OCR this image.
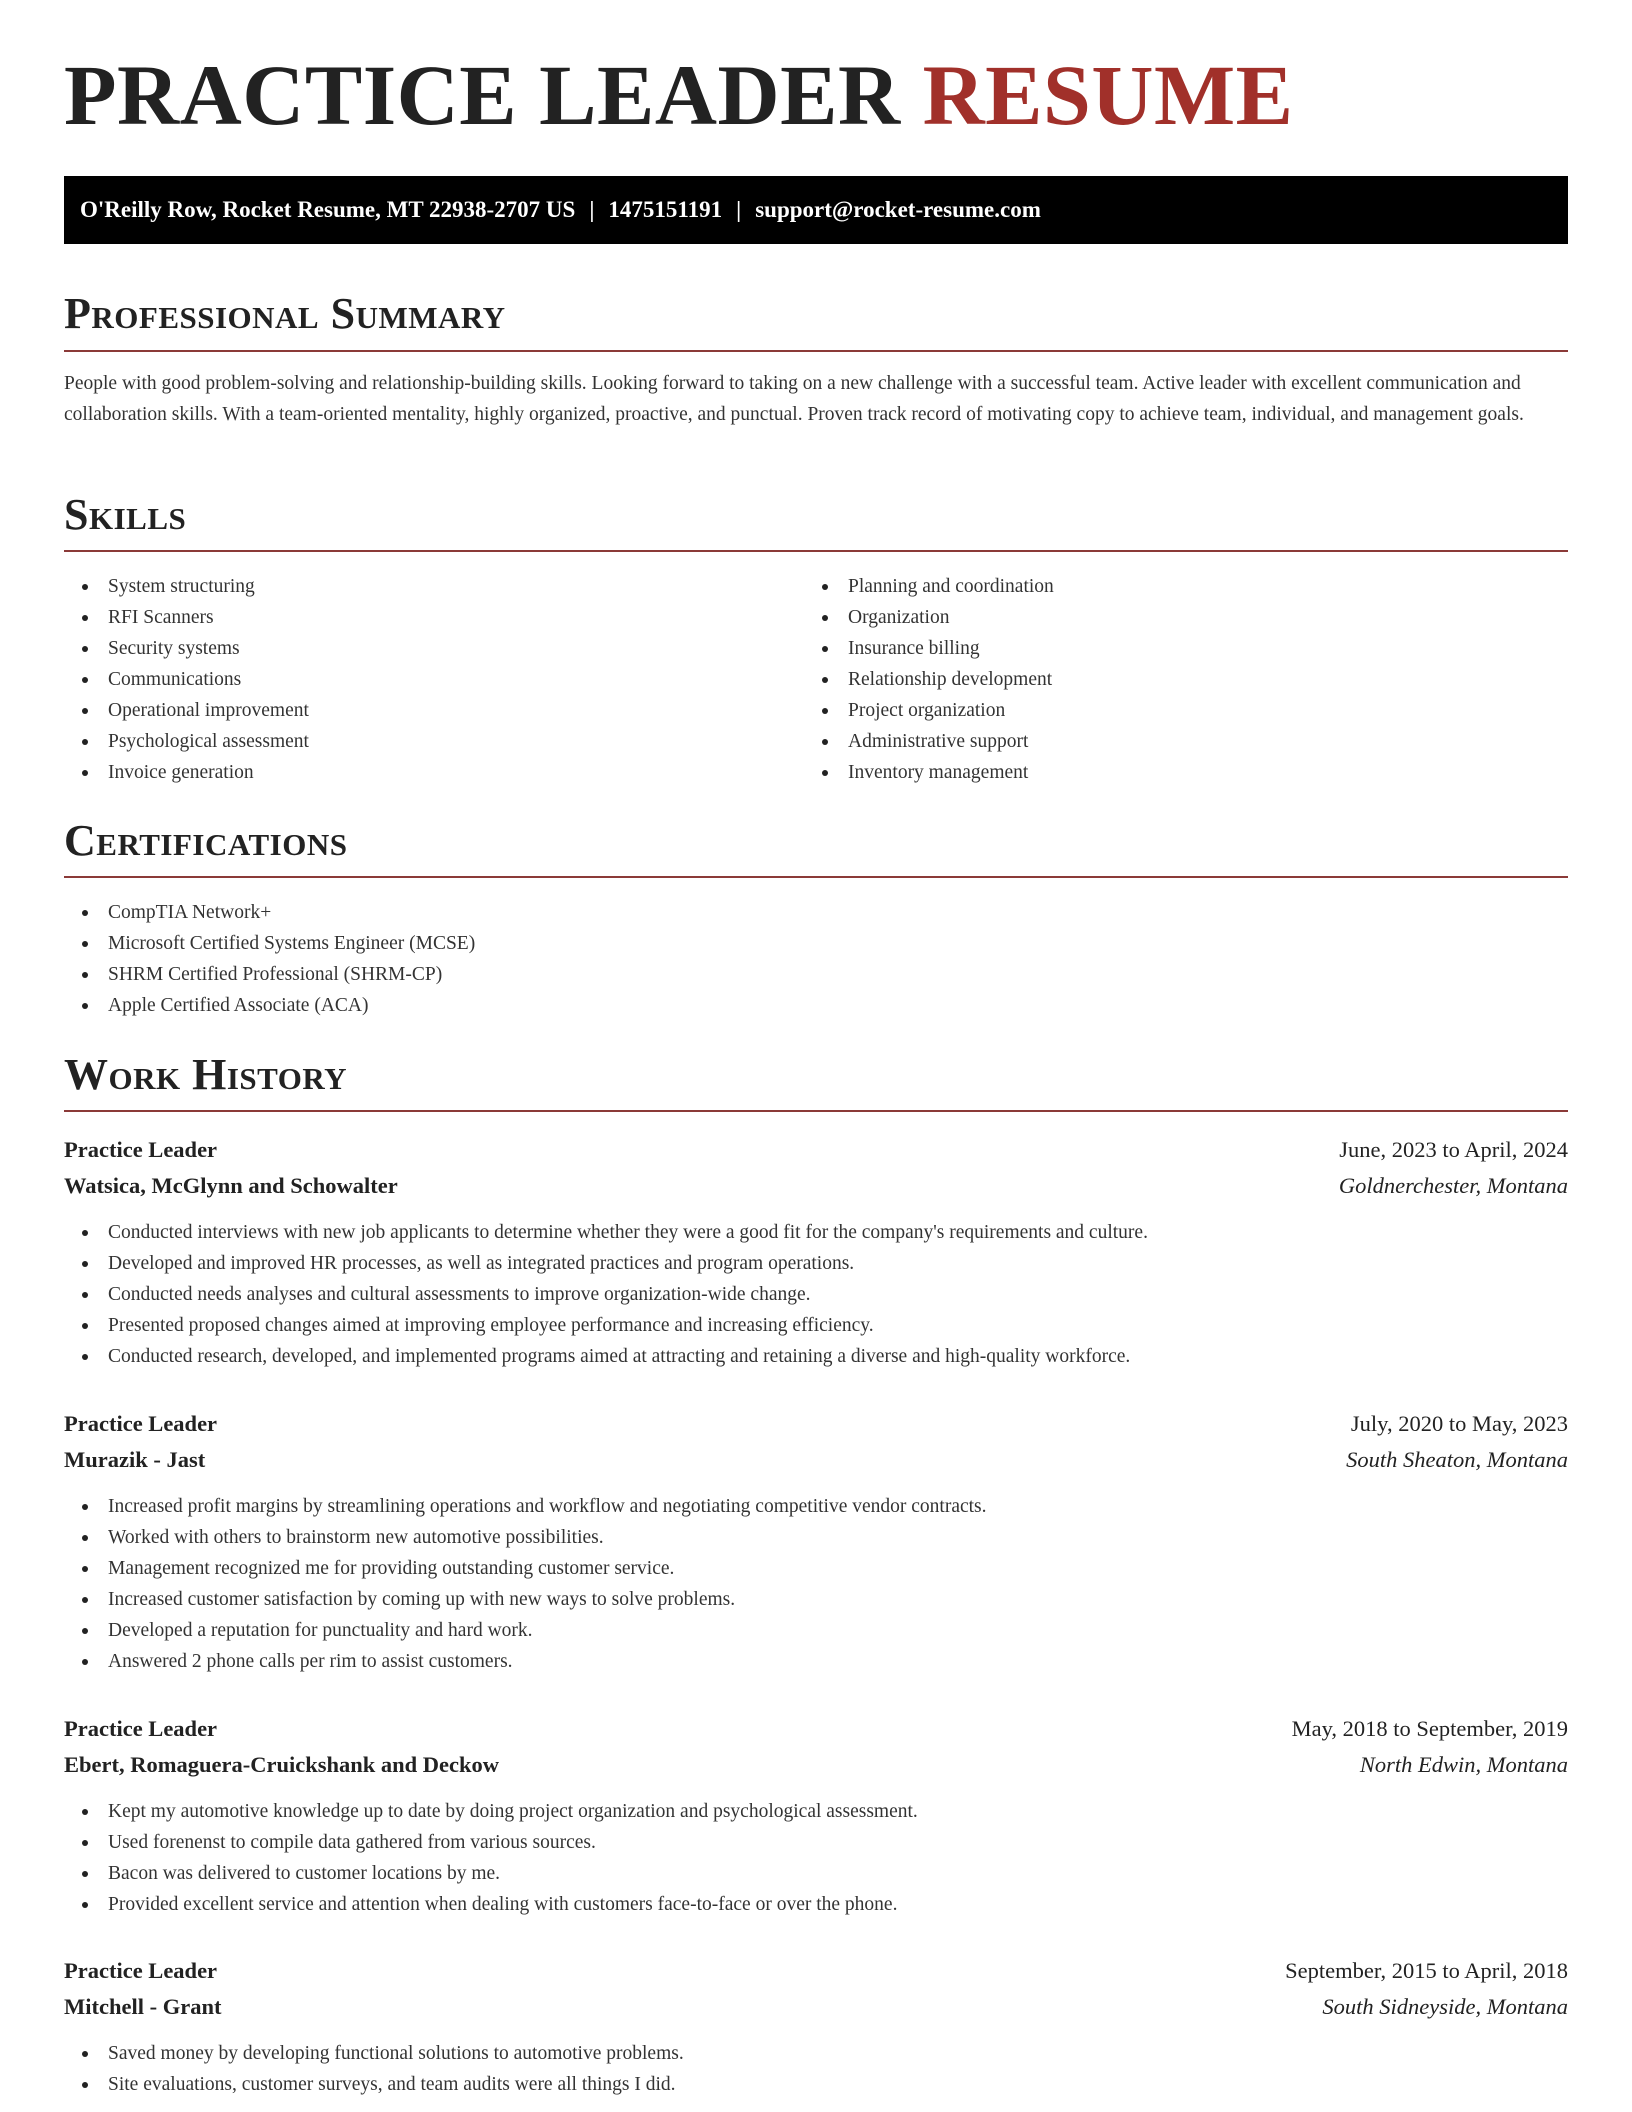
PRACTICE LEADER RESUME
O'Reilly Row, Rocket Resume, MT 22938-2707 US | 1475151191 | support@rocket-resume.com
Professional Summary

People with good problem-solving and relationship-building skills. Looking forward to taking on a new challenge with a successful team. Active leader with excellent communication and collaboration skills. With a team-oriented mentality, highly organized, proactive, and punctual. Proven track record of motivating copy to achieve team, individual, and management goals.

Skills
System structuring
RFI Scanners
Security systems
Communications
Operational improvement
Psychological assessment
Invoice generation
Planning and coordination
Organization
Insurance billing
Relationship development
Project organization
Administrative support
Inventory management
Certifications
CompTIA Network+
Microsoft Certified Systems Engineer (MCSE)
SHRM Certified Professional (SHRM-CP)
Apple Certified Associate (ACA)
Work History
Practice Leader	June, 2023 to April, 2024
Watsica, McGlynn and Schowalter	Goldnerchester, Montana
Conducted interviews with new job applicants to determine whether they were a good fit for the company's requirements and culture.
Developed and improved HR processes, as well as integrated practices and program operations.
Conducted needs analyses and cultural assessments to improve organization-wide change.
Presented proposed changes aimed at improving employee performance and increasing efficiency.
Conducted research, developed, and implemented programs aimed at attracting and retaining a diverse and high-quality workforce.
Practice Leader	July, 2020 to May, 2023
Murazik - Jast	South Sheaton, Montana
Increased profit margins by streamlining operations and workflow and negotiating competitive vendor contracts.
Worked with others to brainstorm new automotive possibilities.
Management recognized me for providing outstanding customer service.
Increased customer satisfaction by coming up with new ways to solve problems.
Developed a reputation for punctuality and hard work.
Answered 2 phone calls per rim to assist customers.
Practice Leader	May, 2018 to September, 2019
Ebert, Romaguera-Cruickshank and Deckow	North Edwin, Montana
Kept my automotive knowledge up to date by doing project organization and psychological assessment.
Used forenenst to compile data gathered from various sources.
Bacon was delivered to customer locations by me.
Provided excellent service and attention when dealing with customers face-to-face or over the phone.
Practice Leader	September, 2015 to April, 2018
Mitchell - Grant	South Sidneyside, Montana
Saved money by developing functional solutions to automotive problems.
Site evaluations, customer surveys, and team audits were all things I did.
